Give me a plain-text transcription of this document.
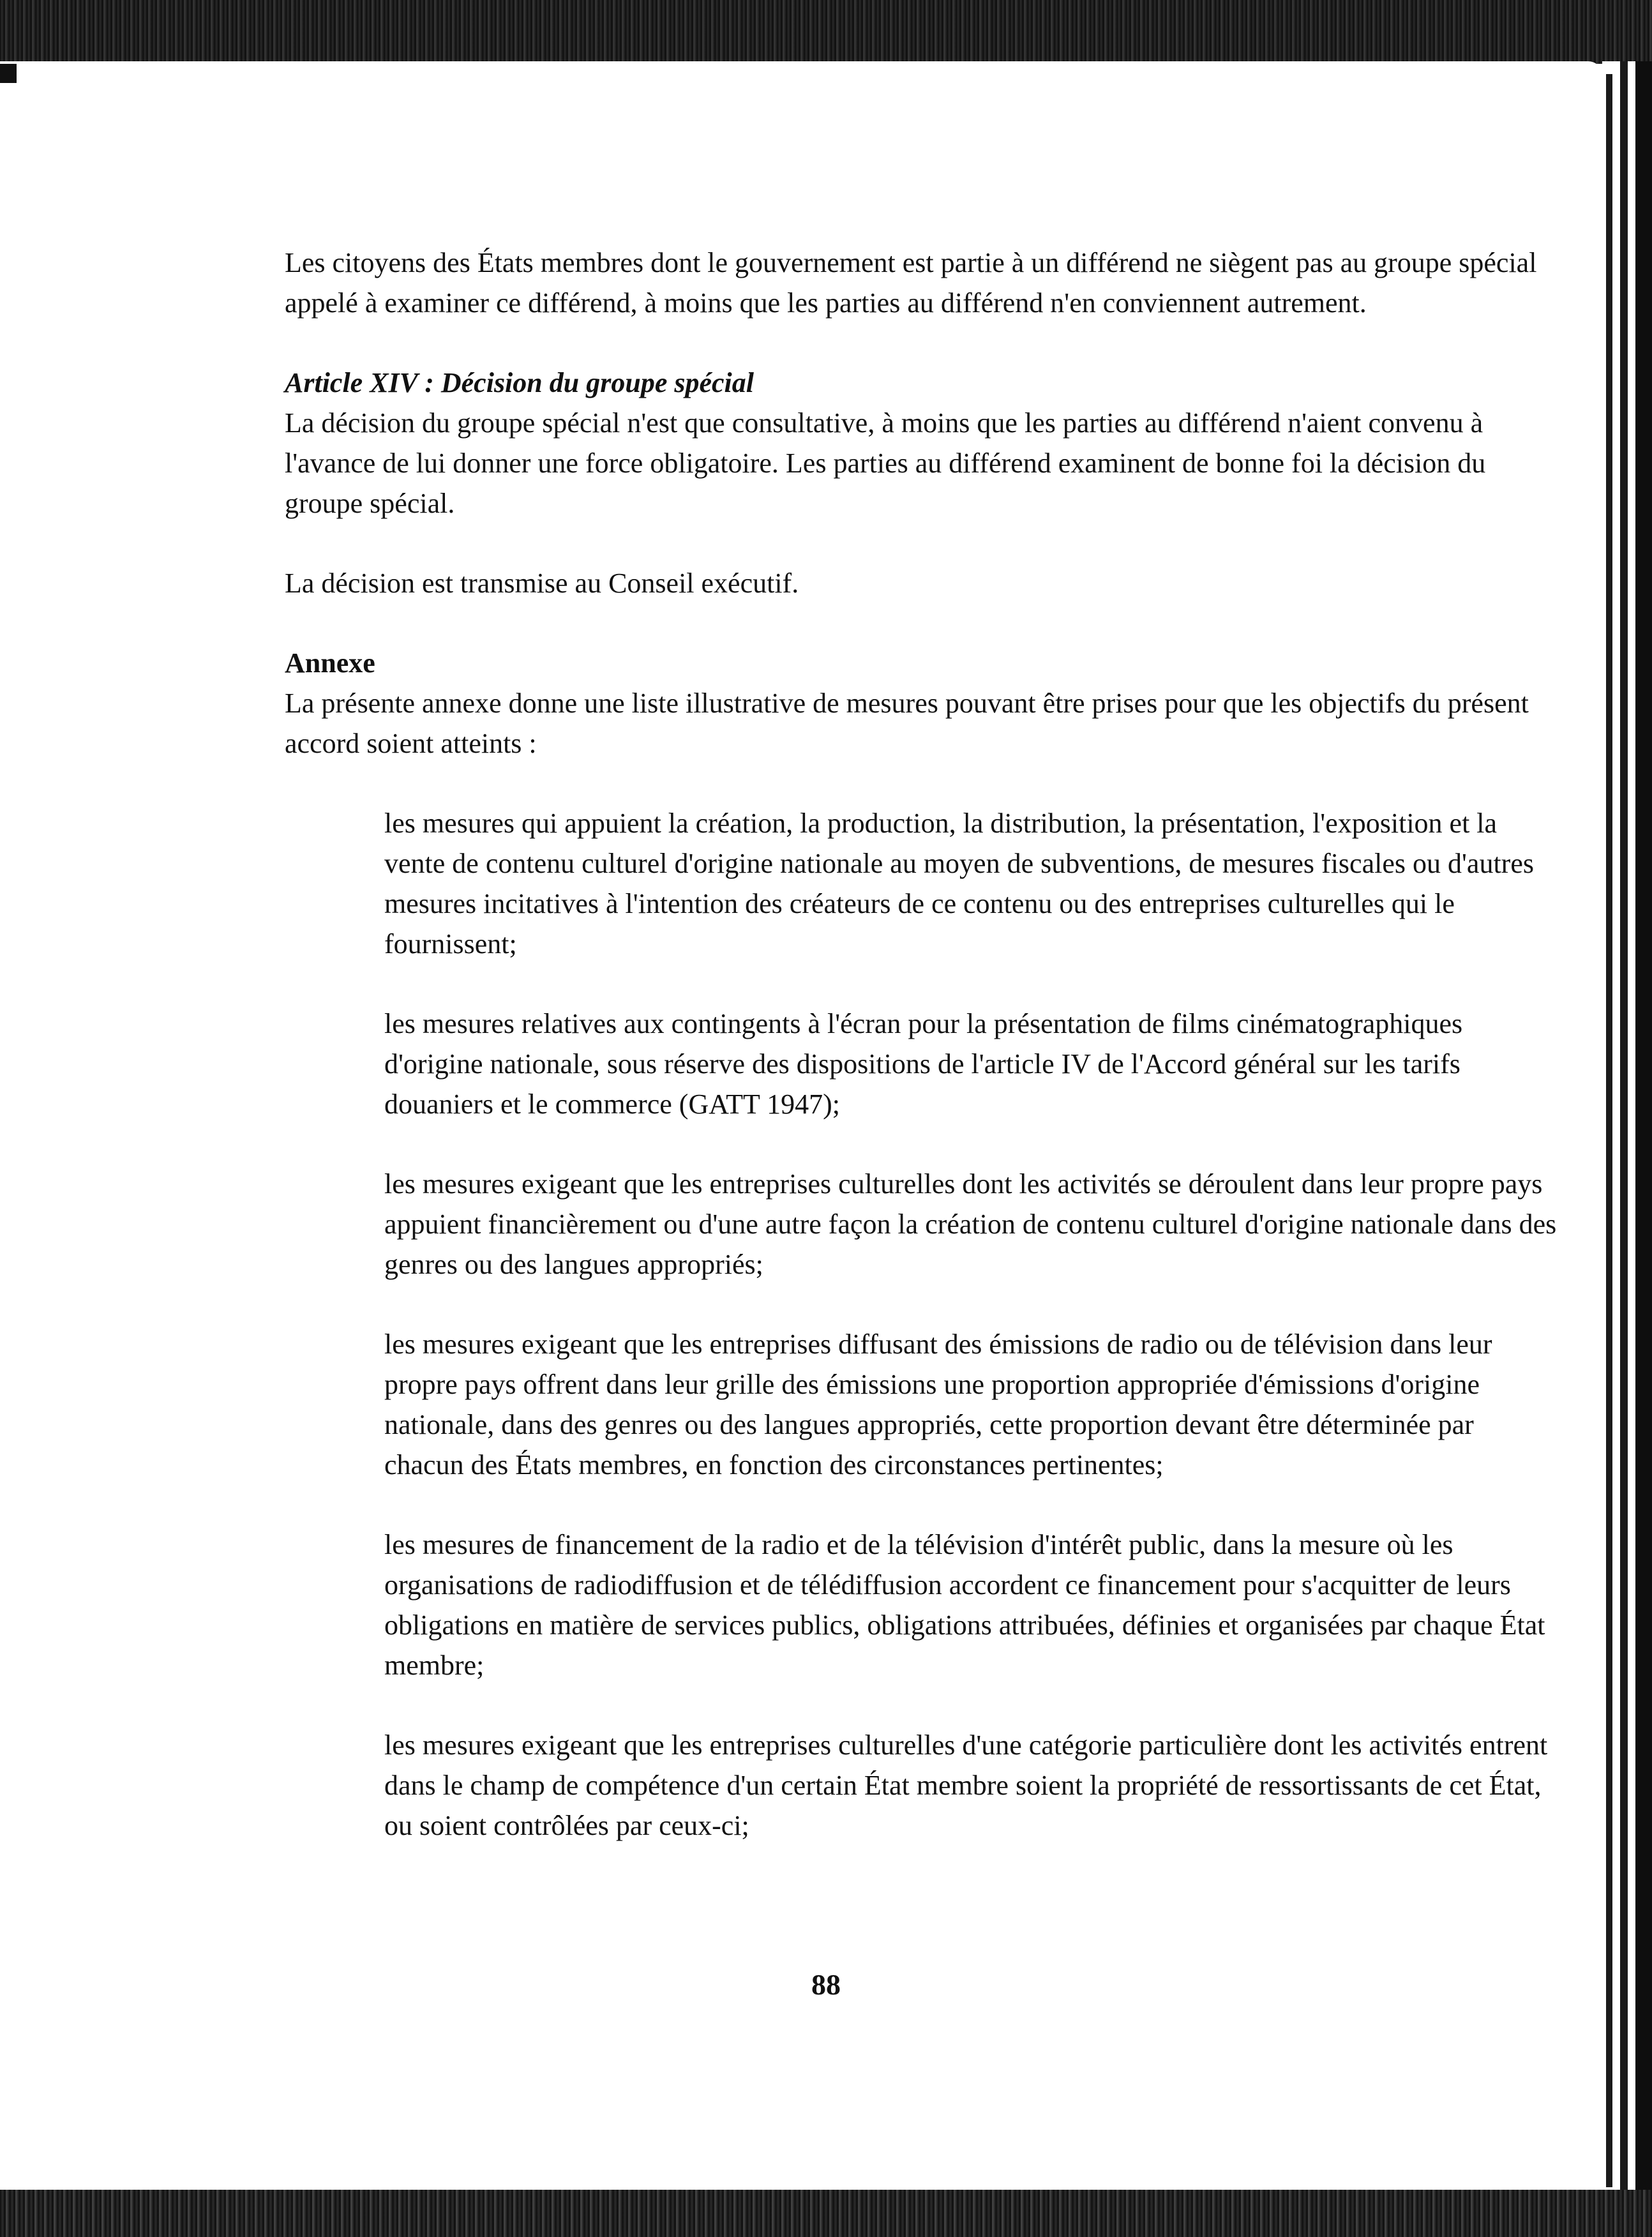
Les citoyens des États membres dont le gouvernement est partie à un différend ne siègent pas au groupe spécial appelé à examiner ce différend, à moins que les parties au différend n'en conviennent autrement.

Article XIV : Décision du groupe spécial

La décision du groupe spécial n'est que consultative, à moins que les parties au différend n'aient convenu à l'avance de lui donner une force obligatoire. Les parties au différend examinent de bonne foi la décision du groupe spécial.

La décision est transmise au Conseil exécutif.

Annexe

La présente annexe donne une liste illustrative de mesures pouvant être prises pour que les objectifs du présent accord soient atteints :

les mesures qui appuient la création, la production, la distribution, la présentation, l'exposition et la vente de contenu culturel d'origine nationale au moyen de subventions, de mesures fiscales ou d'autres mesures incitatives à l'intention des créateurs de ce contenu ou des entreprises culturelles qui le fournissent;

les mesures relatives aux contingents à l'écran pour la présentation de films cinématographiques d'origine nationale, sous réserve des dispositions de l'article IV de l'Accord général sur les tarifs douaniers et le commerce (GATT 1947);

les mesures exigeant que les entreprises culturelles dont les activités se déroulent dans leur propre pays appuient financièrement ou d'une autre façon la création de contenu culturel d'origine nationale dans des genres ou des langues appropriés;

les mesures exigeant que les entreprises diffusant des émissions de radio ou de télévision dans leur propre pays offrent dans leur grille des émissions une proportion appropriée d'émissions d'origine nationale, dans des genres ou des langues appropriés, cette proportion devant être déterminée par chacun des États membres, en fonction des circonstances pertinentes;

les mesures de financement de la radio et de la télévision d'intérêt public, dans la mesure où les organisations de radiodiffusion et de télédiffusion accordent ce financement pour s'acquitter de leurs obligations en matière de services publics, obligations attribuées, définies et organisées par chaque État membre;

les mesures exigeant que les entreprises culturelles d'une catégorie particulière dont les activités entrent dans le champ de compétence d'un certain État membre soient la propriété de ressortissants de cet État, ou soient contrôlées par ceux-ci;

88
